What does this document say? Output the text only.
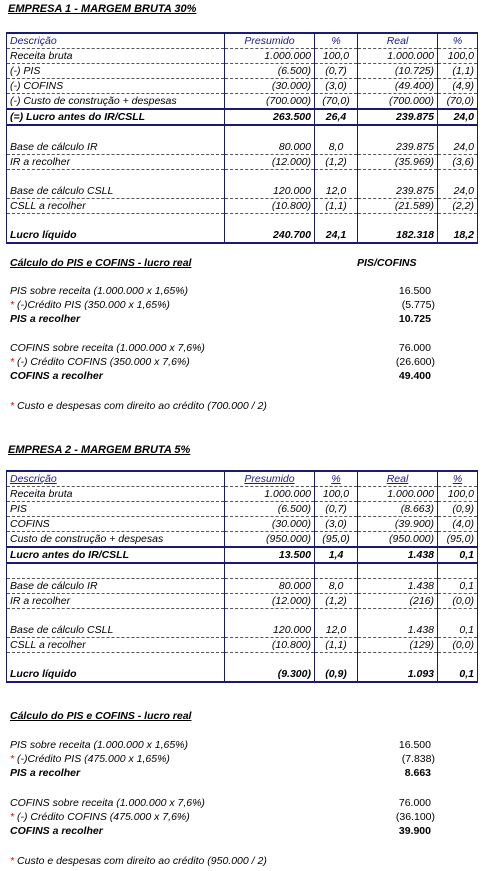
EMPRESA 1 - MARGEM BRUTA 30%
Descrição	Presumido	%	Real	%
Receita bruta	1.000.000	100,0	1.000.000	100,0
(-) PIS	(6.500)	(0,7)	(10.725)	(1,1)
(-) COFINS	(30.000)	(3,0)	(49.400)	(4,9)
(-) Custo de construção + despesas	(700.000)	(70,0)	(700.000)	(70,0)
(=) Lucro antes do IR/CSLL	263.500	26,4	239.875	24,0

Base de cálculo IR	80.000	8,0	239.875	24,0
IR a recolher	(12.000)	(1,2)	(35.969)	(3,6)

Base de cálculo CSLL	120.000	12,0	239.875	24,0
CSLL a recolher	(10.800)	(1,1)	(21.589)	(2,2)

Lucro líquido	240.700	24,1	182.318	18,2
Cálculo do PIS e COFINS - lucro real	PIS/COFINS
PIS sobre receita (1.000.000 x 1,65%)	16.500
* (-)Crédito PIS (350.000 x 1,65%)	(5.775)
PIS a recolher	10.725
COFINS sobre receita (1.000.000 x 7,6%)	76.000
* (-) Crédito COFINS (350.000 x 7,6%)	(26.600)
COFINS a recolher	49.400
* Custo e despesas com direito ao crédito (700.000 / 2)
EMPRESA 2 - MARGEM BRUTA 5%
Descrição	Presumido	%	Real	%
Receita bruta	1.000.000	100,0	1.000.000	100,0
PIS	(6.500)	(0,7)	(8.663)	(0,9)
COFINS	(30.000)	(3,0)	(39.900)	(4,0)
Custo de construção + despesas	(950.000)	(95,0)	(950.000)	(95,0)
Lucro antes do IR/CSLL	13.500	1,4	1.438	0,1

Base de cálculo IR	80.000	8,0	1.438	0,1
IR a recolher	(12.000)	(1,2)	(216)	(0,0)

Base de cálculo CSLL	120.000	12,0	1.438	0,1
CSLL a recolher	(10.800)	(1,1)	(129)	(0,0)

Lucro líquido	(9.300)	(0,9)	1.093	0,1
Cálculo do PIS e COFINS - lucro real
PIS sobre receita (1.000.000 x 1,65%)	16.500
* (-)Crédito PIS (475.000 x 1,65%)	(7.838)
PIS a recolher	8.663
COFINS sobre receita (1.000.000 x 7,6%)	76.000
* (-) Crédito COFINS (475.000 x 7,6%)	(36.100)
COFINS a recolher	39.900
* Custo e despesas com direito ao crédito (950.000 / 2)
